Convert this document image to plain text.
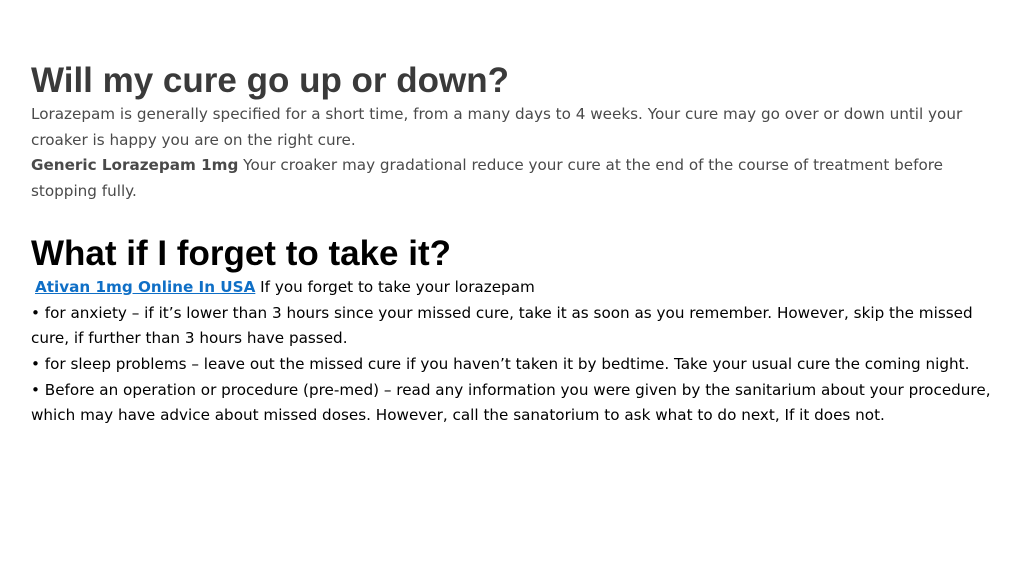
Will my cure go up or down?

Lorazepam is generally specified for a short time, from a many days to 4 weeks. Your cure may go over or down until your croaker is happy you are on the right cure.

Generic Lorazepam 1mg Your croaker may gradational reduce your cure at the end of the course of treatment before stopping fully.

What if I forget to take it?

Ativan 1mg Online In USA If you forget to take your lorazepam

• for anxiety – if it’s lower than 3 hours since your missed cure, take it as soon as you remember. However, skip the missed cure, if further than 3 hours have passed.

• for sleep problems – leave out the missed cure if you haven’t taken it by bedtime. Take your usual cure the coming night.

• Before an operation or procedure (pre-med) – read any information you were given by the sanitarium about your procedure, which may have advice about missed doses. However, call the sanatorium to ask what to do next, If it does not.
